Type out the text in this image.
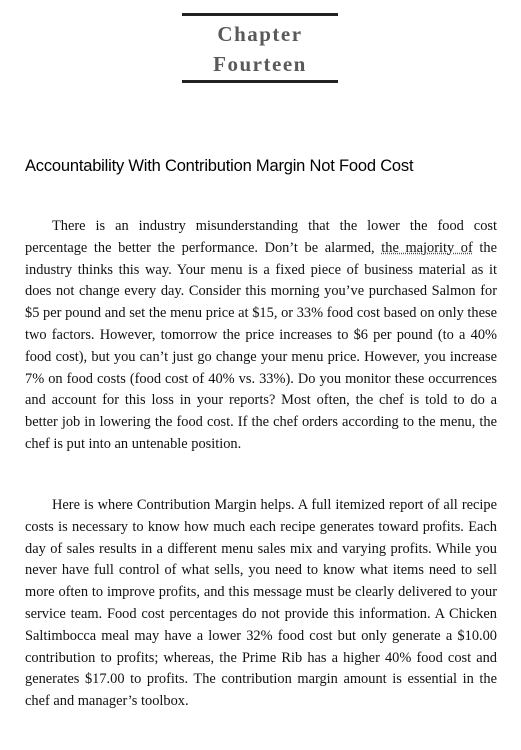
Chapter
Fourteen
Accountability With Contribution Margin Not Food Cost

There is an industry misunderstanding that the lower the food cost percentage the better the performance. Don’t be alarmed, the majority of the industry thinks this way. Your menu is a fixed piece of business material as it does not change every day. Consider this morning you’ve purchased Salmon for $5 per pound and set the menu price at $15, or 33% food cost based on only these two factors. However, tomorrow the price increases to $6 per pound (to a 40% food cost), but you can’t just go change your menu price. However, you increase 7% on food costs (food cost of 40% vs. 33%). Do you monitor these occurrences and account for this loss in your reports? Most often, the chef is told to do a better job in lowering the food cost. If the chef orders according to the menu, the chef is put into an untenable position.

Here is where Contribution Margin helps. A full itemized report of all recipe costs is necessary to know how much each recipe generates toward profits. Each day of sales results in a different menu sales mix and varying profits. While you never have full control of what sells, you need to know what items need to sell more often to improve profits, and this message must be clearly delivered to your service team. Food cost percentages do not provide this information. A Chicken Saltimbocca meal may have a lower 32% food cost but only generate a $10.00 contribution to profits; whereas, the Prime Rib has a higher 40% food cost and generates $17.00 to profits. The contribution margin amount is essential in the chef and manager’s toolbox.
